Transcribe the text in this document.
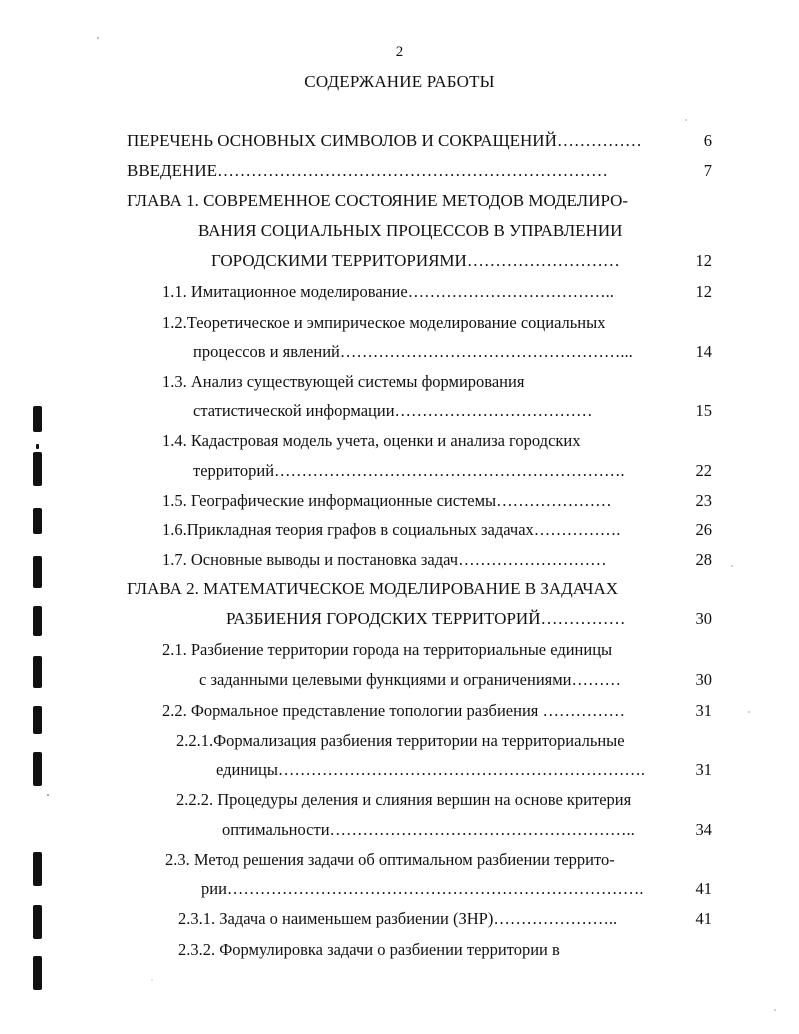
2
СОДЕРЖАНИЕ РАБОТЫ
ПЕРЕЧЕНЬ ОСНОВНЫХ СИМВОЛОВ И СОКРАЩЕНИЙ……………	6
ВВЕДЕНИЕ……………………………………………………………	7
ГЛАВА 1. СОВРЕМЕННОЕ СОСТОЯНИЕ МЕТОДОВ МОДЕЛИРО-
ВАНИЯ СОЦИАЛЬНЫХ ПРОЦЕССОВ В УПРАВЛЕНИИ
ГОРОДСКИМИ ТЕРРИТОРИЯМИ………………………	12
1.1. Имитационное моделирование………………………………..	12
1.2.Теоретическое и эмпирическое моделирование социальных
процессов и явлений……………………………………………...	14
1.3. Анализ существующей системы формирования
статистической информации………………………………	15
1.4. Кадастровая модель учета, оценки и анализа городских
территорий……………………………………………………….	22
1.5. Географические информационные системы…………………	23
1.6.Прикладная теория графов в социальных задачах…………….	26
1.7. Основные выводы и постановка задач………………………	28
ГЛАВА 2. МАТЕМАТИЧЕСКОЕ МОДЕЛИРОВАНИЕ В ЗАДАЧАХ
РАЗБИЕНИЯ ГОРОДСКИХ ТЕРРИТОРИЙ……………	30
2.1. Разбиение территории города на территориальные единицы
с заданными целевыми функциями и ограничениями………	30
2.2. Формальное представление топологии разбиения ……………	31
2.2.1.Формализация разбиения территории на территориальные
единицы………………………………………………………….	31
2.2.2. Процедуры деления и слияния вершин на основе критерия
оптимальности………………………………………………..	34
2.3. Метод решения задачи об оптимальном разбиении террито-
рии………………………………………………………………….	41
2.3.1. Задача о наименьшем разбиении (ЗНР)…………………..	41
2.3.2. Формулировка задачи о разбиении территории в
